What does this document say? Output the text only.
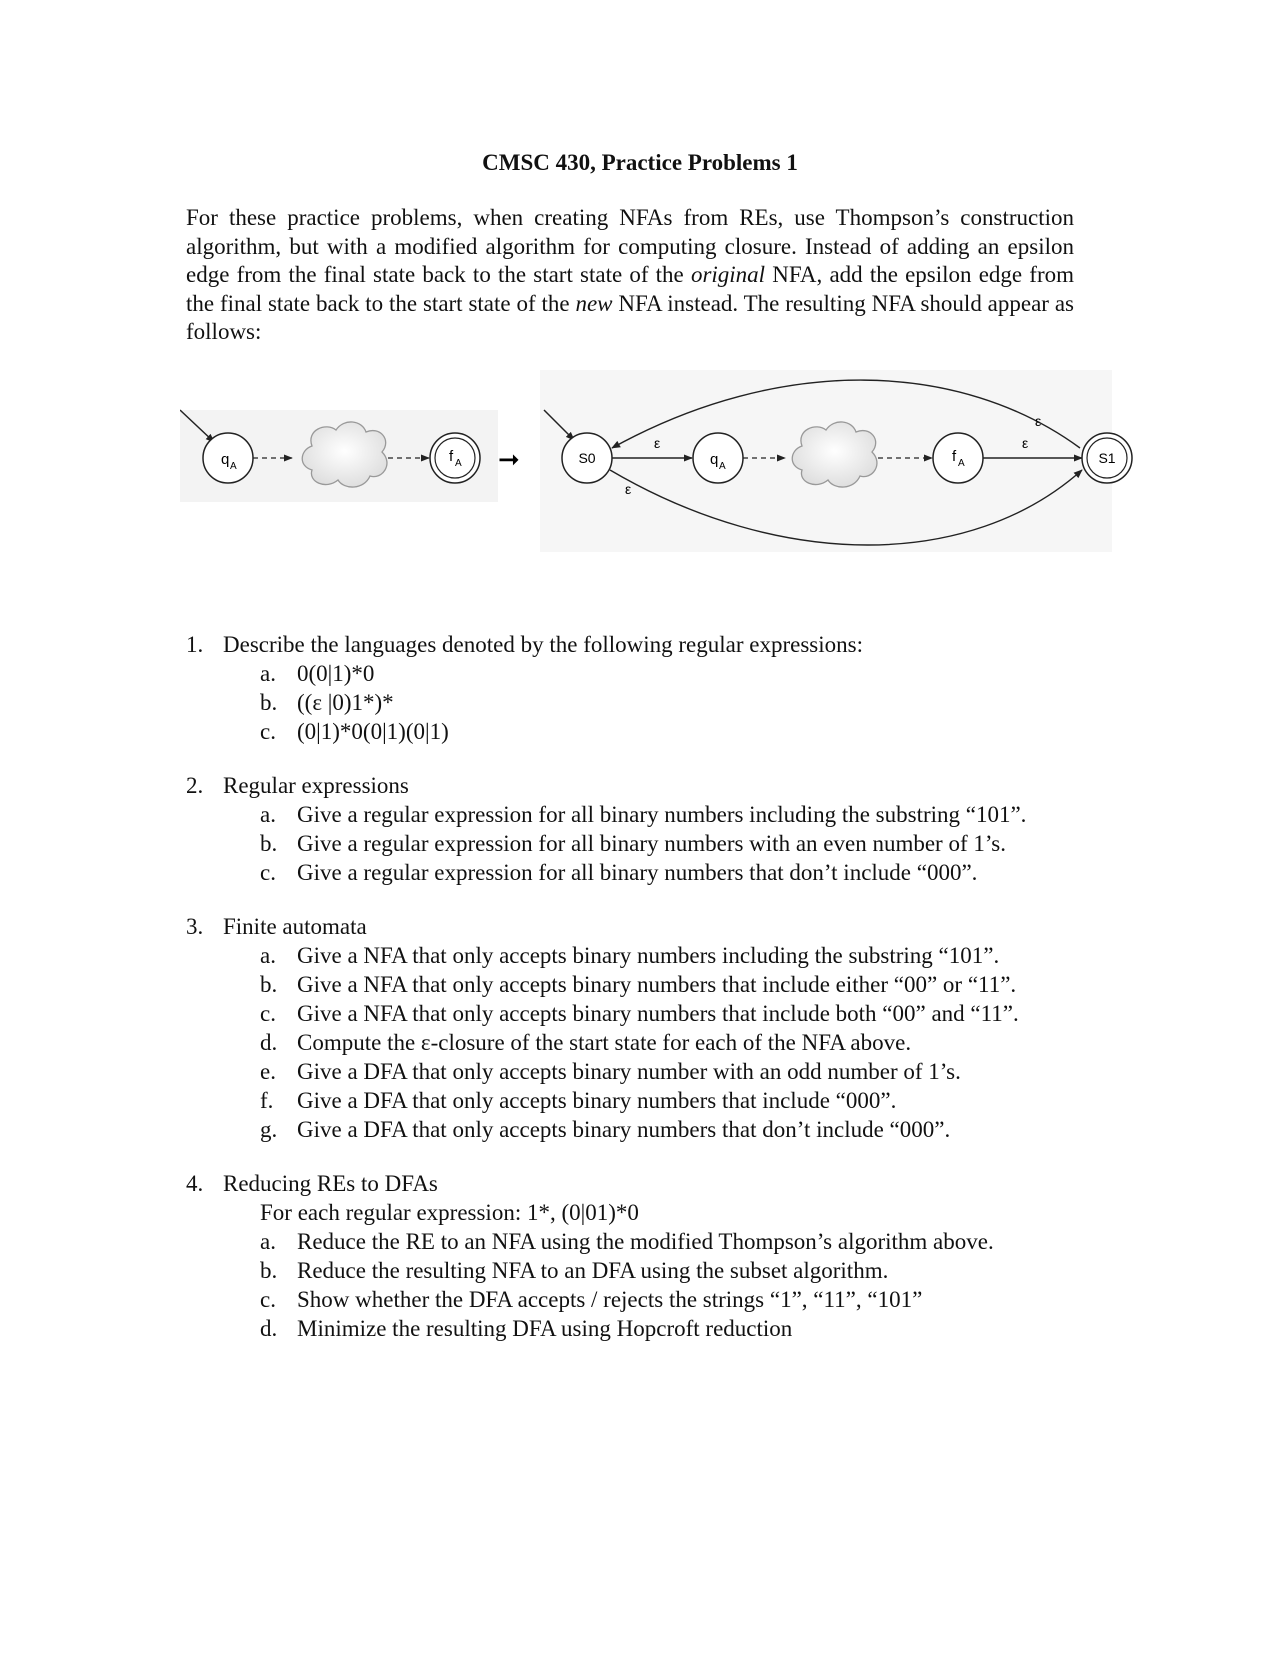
CMSC 430, Practice Problems 1
For these practice problems, when creating NFAs from REs, use Thompson’s construction algorithm, but with a modified algorithm for computing closure. Instead of adding an epsilon edge from the final state back to the start state of the original NFA, add the epsilon edge from the final state back to the start state of the new NFA instead. The resulting NFA should appear as follows:
q A
f A ➞	S0
ε
ε
ε
q A
f A
ε
S1
1. Describe the languages denoted by the following regular expressions:
a. 0(0|1)*0
b. ((ε |0)1*)*
c. (0|1)*0(0|1)(0|1)
2. Regular expressions
a. Give a regular expression for all binary numbers including the substring “101”.
b. Give a regular expression for all binary numbers with an even number of 1’s.
c. Give a regular expression for all binary numbers that don’t include “000”.
3. Finite automata
a. Give a NFA that only accepts binary numbers including the substring “101”.
b. Give a NFA that only accepts binary numbers that include either “00” or “11”.
c. Give a NFA that only accepts binary numbers that include both “00” and “11”.
d. Compute the ε-closure of the start state for each of the NFA above.
e. Give a DFA that only accepts binary number with an odd number of 1’s.
f.	Give a DFA that only accepts binary numbers that include “000”.
g. Give a DFA that only accepts binary numbers that don’t include “000”.
4. Reducing REs to DFAs
For each regular expression: 1*, (0|01)*0
a. Reduce the RE to an NFA using the modified Thompson’s algorithm above.
b. Reduce the resulting NFA to an DFA using the subset algorithm.
c. Show whether the DFA accepts / rejects the strings “1”, “11”, “101”
d. Minimize the resulting DFA using Hopcroft reduction
